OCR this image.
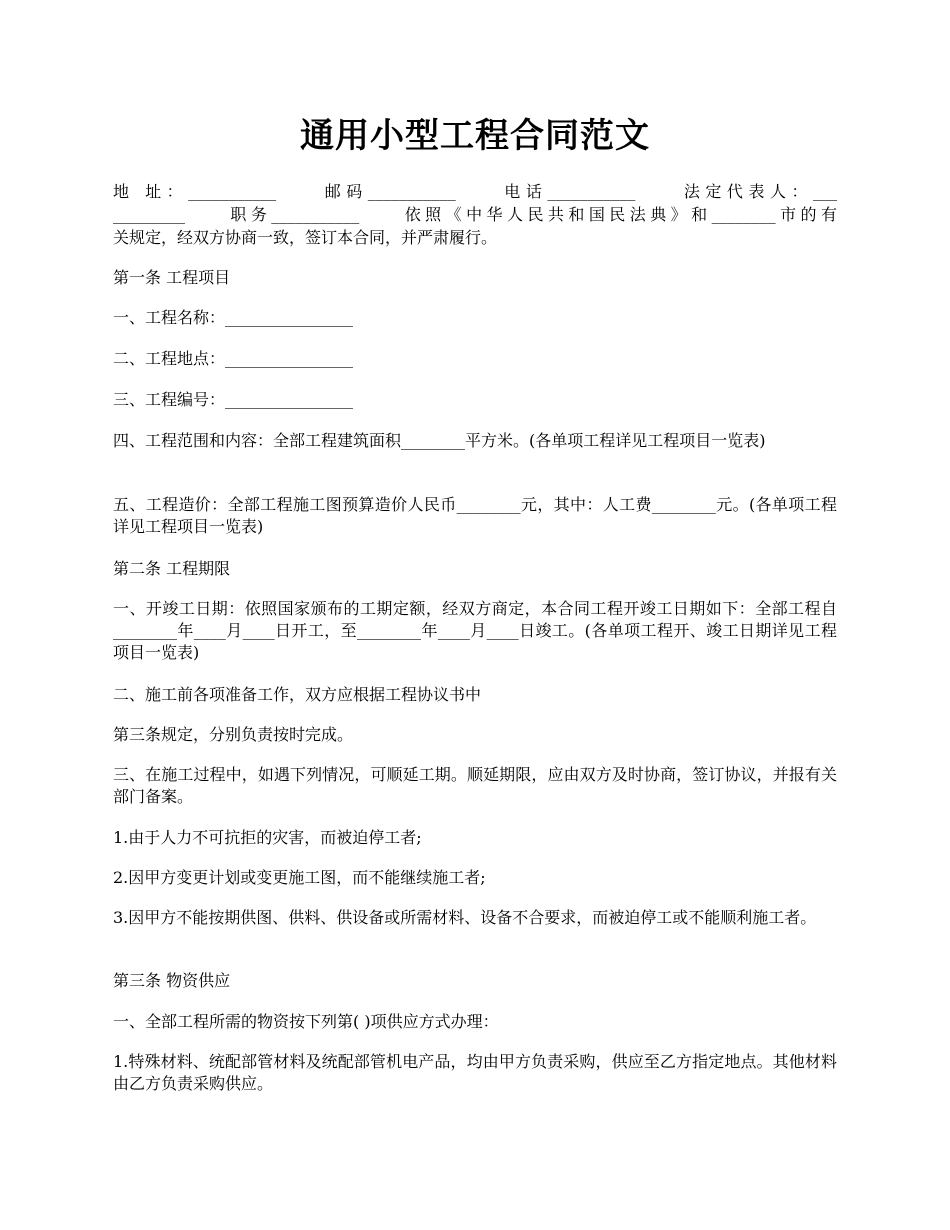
通用小型工程合同范文

地 址：___________　　邮码___________　　电话___________　　法定代表人：___

_________　　职务___________　　依照《中华人民共和国民法典》和________市的有

关规定，经双方协商一致，签订本合同，并严肃履行。

第一条 工程项目

一、工程名称：________________

二、工程地点：________________

三、工程编号：________________

四、工程范围和内容：全部工程建筑面积________平方米。(各单项工程详见工程项目一览表)

五、工程造价：全部工程施工图预算造价人民币________元，其中：人工费________元。(各单项工程详见工程项目一览表)

第二条 工程期限

一、开竣工日期：依照国家颁布的工期定额，经双方商定，本合同工程开竣工日期如下：全部工程自________年____月____日开工，至________年____月____日竣工。(各单项工程开、竣工日期详见工程项目一览表)

二、施工前各项准备工作，双方应根据工程协议书中

第三条规定，分别负责按时完成。

三、在施工过程中，如遇下列情况，可顺延工期。顺延期限，应由双方及时协商，签订协议，并报有关部门备案。

1.由于人力不可抗拒的灾害，而被迫停工者;

2.因甲方变更计划或变更施工图，而不能继续施工者;

3.因甲方不能按期供图、供料、供设备或所需材料、设备不合要求，而被迫停工或不能顺利施工者。

第三条 物资供应

一、全部工程所需的物资按下列第( )项供应方式办理：

1.特殊材料、统配部管材料及统配部管机电产品，均由甲方负责采购，供应至乙方指定地点。其他材料由乙方负责采购供应。
